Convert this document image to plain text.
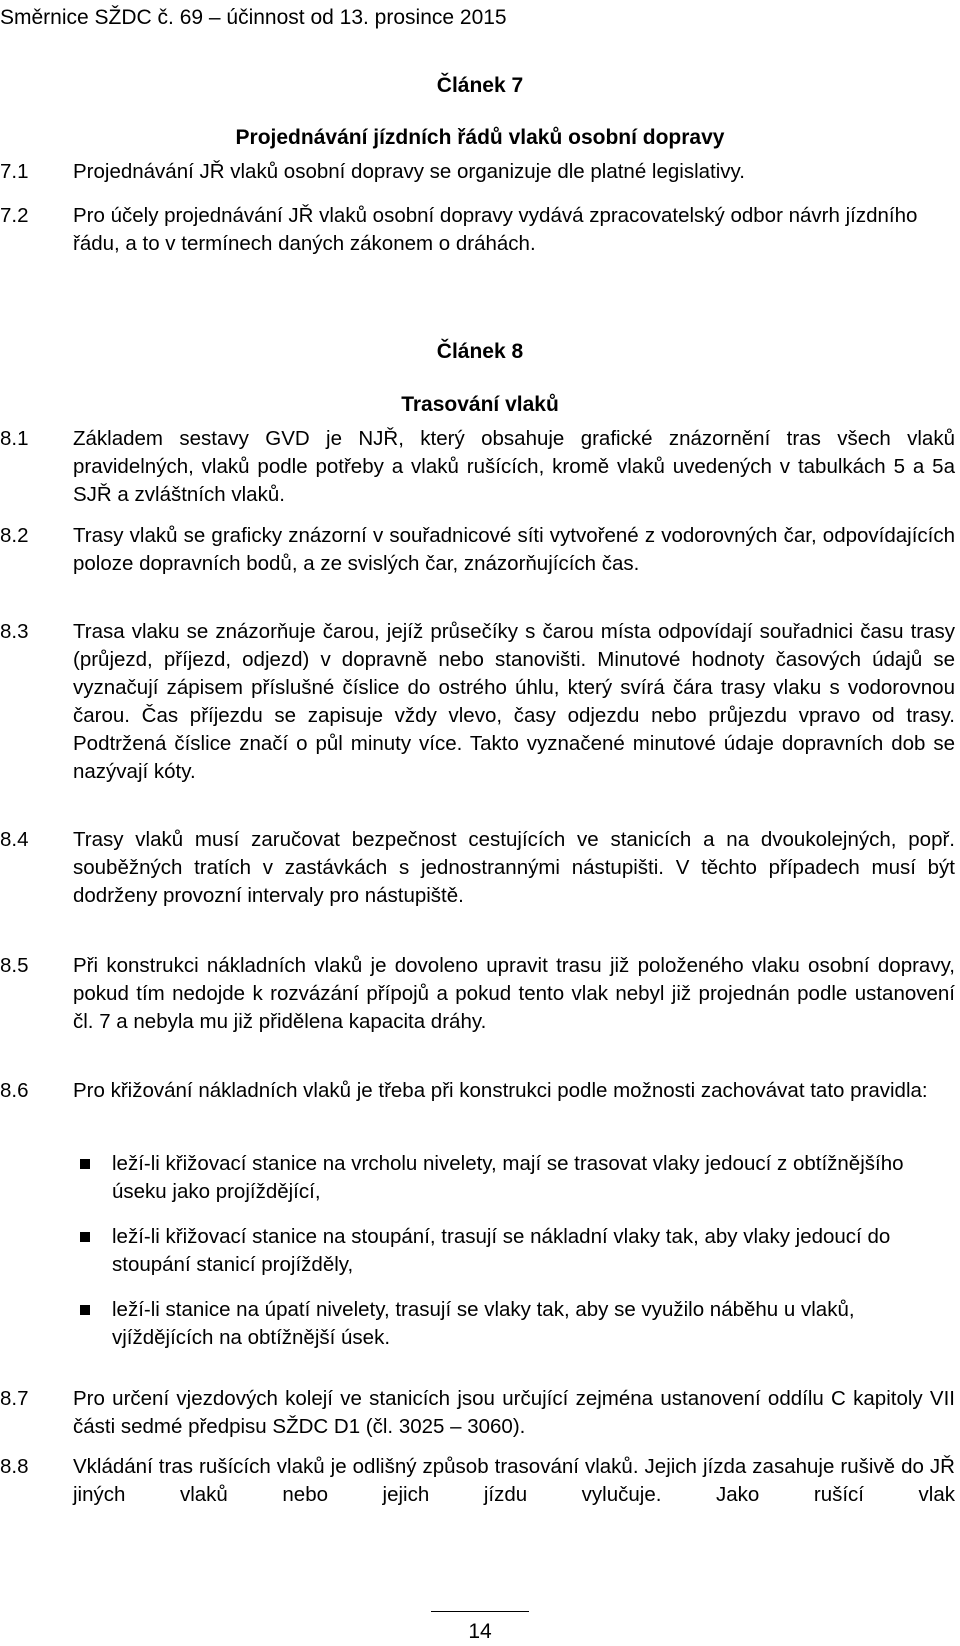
Směrnice SŽDC č. 69 – účinnost od 13. prosince 2015
Článek 7
Projednávání jízdních řádů vlaků osobní dopravy
7.1	Projednávání JŘ vlaků osobní dopravy se organizuje dle platné legislativy.
7.2	Pro účely projednávání JŘ vlaků osobní dopravy vydává zpracovatelský odbor návrh jízdního řádu, a to v termínech daných zákonem o dráhách.
Článek 8
Trasování vlaků
8.1	Základem sestavy GVD je NJŘ, který obsahuje grafické znázornění tras všech vlaků pravidelných, vlaků podle potřeby a vlaků rušících, kromě vlaků uvedených v tabulkách 5 a 5a SJŘ a zvláštních vlaků.
8.2	Trasy vlaků se graficky znázorní v souřadnicové síti vytvořené z vodorovných čar, odpovídajících poloze dopravních bodů, a ze svislých čar, znázorňujících čas.
8.3	Trasa vlaku se znázorňuje čarou, jejíž průsečíky s čarou místa odpovídají souřadnici času trasy (průjezd, příjezd, odjezd) v dopravně nebo stanovišti. Minutové hodnoty časových údajů se vyznačují zápisem příslušné číslice do ostrého úhlu, který svírá čára trasy vlaku s vodorovnou čarou. Čas příjezdu se zapisuje vždy vlevo, časy odjezdu nebo průjezdu vpravo od trasy. Podtržená číslice značí o půl minuty více. Takto vyznačené minutové údaje dopravních dob se nazývají kóty.
8.4	Trasy vlaků musí zaručovat bezpečnost cestujících ve stanicích a na dvoukolejných, popř. souběžných tratích v zastávkách s jednostrannými nástupišti. V těchto případech musí být dodrženy provozní intervaly pro nástupiště.
8.5	Při konstrukci nákladních vlaků je dovoleno upravit trasu již položeného vlaku osobní dopravy, pokud tím nedojde k rozvázání přípojů a pokud tento vlak nebyl již projednán podle ustanovení čl. 7 a nebyla mu již přidělena kapacita dráhy.
8.6	Pro křižování nákladních vlaků je třeba při konstrukci podle možnosti zachovávat tato pravidla:
leží-li křižovací stanice na vrcholu nivelety, mají se trasovat vlaky jedoucí z obtížnějšího úseku jako projíždějící,
leží-li křižovací stanice na stoupání, trasují se nákladní vlaky tak, aby vlaky jedoucí do stoupání stanicí projížděly,
leží-li stanice na úpatí nivelety, trasují se vlaky tak, aby se využilo náběhu u vlaků, vjíždějících na obtížnější úsek.
8.7	Pro určení vjezdových kolejí ve stanicích jsou určující zejména ustanovení oddílu C kapitoly VII části sedmé předpisu SŽDC D1 (čl. 3025 – 3060).
8.8	Vkládání tras rušících vlaků je odlišný způsob trasování vlaků. Jejich jízda zasahuje rušivě do JŘ jiných vlaků nebo jejich jízdu vylučuje. Jako rušící vlak
14
